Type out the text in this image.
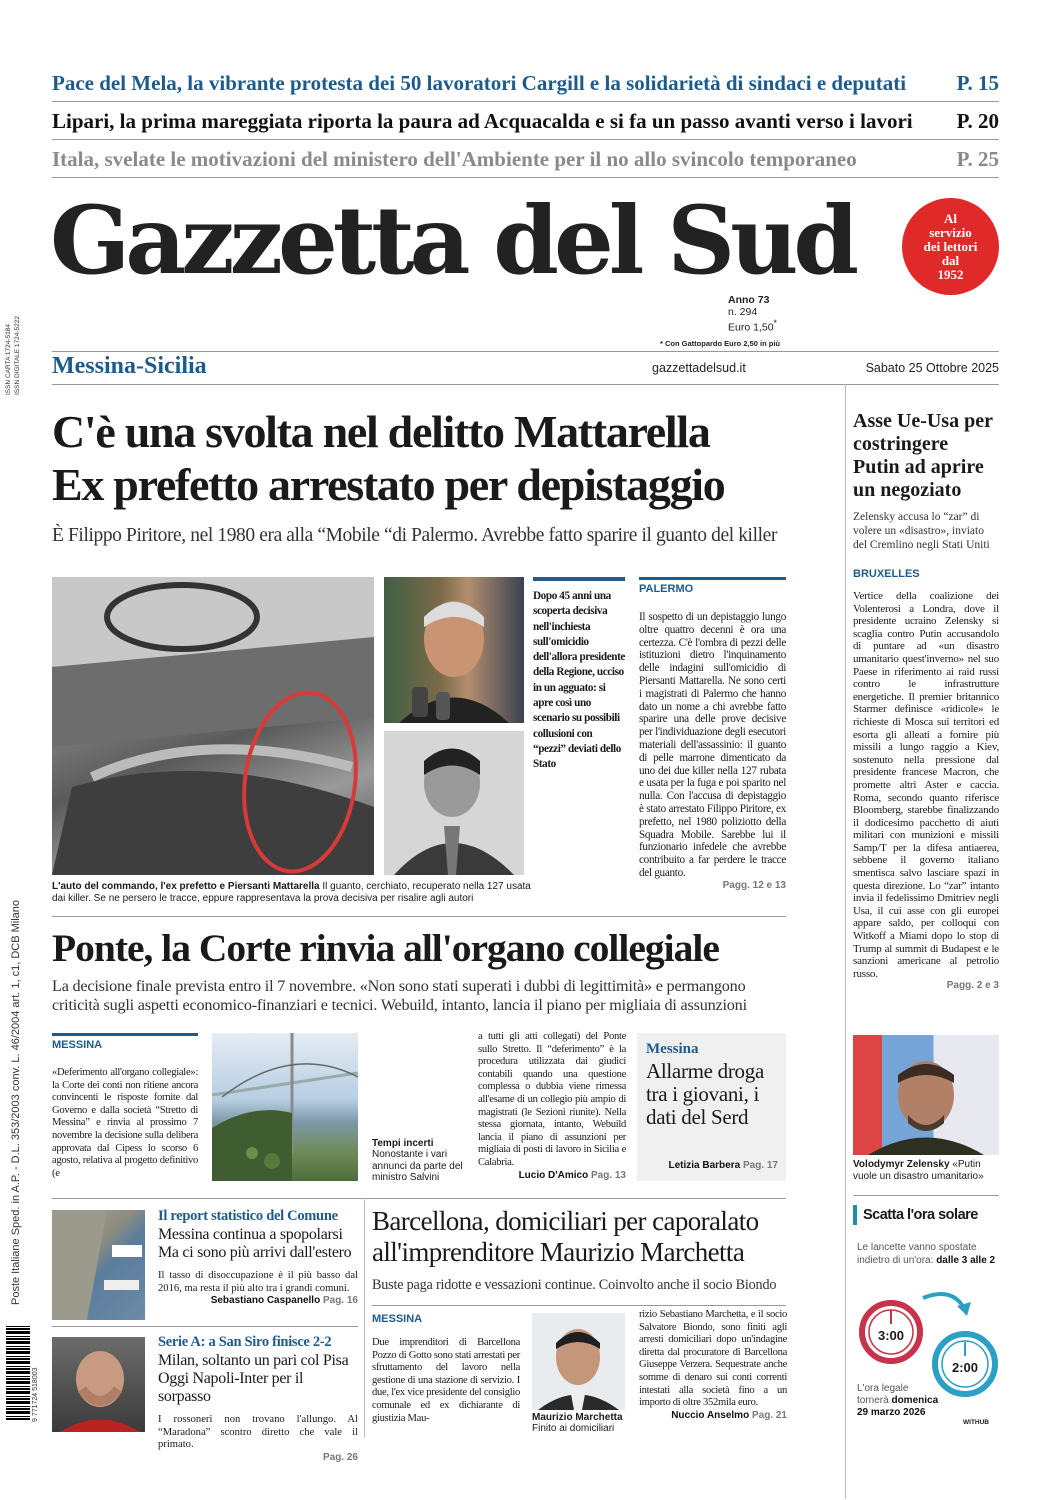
ISSN CARTA 1724-5184
ISSN DIGITALE 1724-5222
Poste Italiane Sped. in A.P. - D.L. 353/2003 conv. L. 46/2004 art. 1, c1, DCB Milano
9 771724 518003
Pace del Mela, la vibrante protesta dei 50 lavoratori Cargill e la solidarietà di sindaci e deputati P. 15
Lipari, la prima mareggiata riporta la paura ad Acquacalda e si fa un passo avanti verso i lavori P. 20
Itala, svelate le motivazioni del ministero dell'Ambiente per il no allo svincolo temporaneo	P. 25
Gazzetta del Sud	Al
servizio
dei lettori
dal
1952
Anno 73
n. 294
Euro 1,50*
* Con Gattopardo Euro 2,50 in più
Messina-Sicilia	gazzettadelsud.it	Sabato 25 Ottobre 2025
C'è una svolta nel delitto Mattarella
Ex prefetto arrestato per depistaggio
È Filippo Piritore, nel 1980 era alla “Mobile “di Palermo. Avrebbe fatto sparire il guanto del killer
Dopo 45 anni una scoperta decisiva nell'inchiesta sull'omicidio dell'allora presidente della Regione, ucciso in un agguato: si apre così uno scenario su possibili collusioni con “pezzi” deviati dello Stato
PALERMO
Il sospetto di un depistaggio lungo oltre quattro decenni è ora una certezza. C'è l'ombra di pezzi delle istituzioni dietro l'inquinamento delle indagini sull'omicidio di Piersanti Mattarella. Ne sono certi i magistrati di Palermo che hanno dato un nome a chi avrebbe fatto sparire una delle prove decisive per l'individuazione degli esecutori materiali dell'assassinio: il guanto di pelle marrone dimenticato da uno dei due killer nella 127 rubata e usata per la fuga e poi sparito nel nulla. Con l'accusa di depistaggio è stato arrestato Filippo Piritore, ex prefetto, nel 1980 poliziotto della Squadra Mobile. Sarebbe lui il funzionario infedele che avrebbe contribuito a far perdere le tracce del guanto.
Pagg. 12 e 13
L'auto del commando, l'ex prefetto e Piersanti Mattarella Il guanto, cerchiato, recuperato nella 127 usata dai killer. Se ne persero le tracce, eppure rappresentava la prova decisiva per risalire agli autori
Asse Ue-Usa per costringere Putin ad aprire un negoziato
Zelensky accusa lo “zar” di volere un «disastro», inviato del Cremlino negli Stati Uniti
BRUXELLES
Vertice della coalizione dei Volenterosi a Londra, dove il presidente ucraino Zelensky si scaglia contro Putin accusandolo di puntare ad «un disastro umanitario quest'inverno» nel suo Paese in riferimento ai raid russi contro le infrastrutture energetiche. Il premier britannico Starmer definisce «ridicole» le richieste di Mosca sui territori ed esorta gli alleati a fornire più missili a lungo raggio a Kiev, sostenuto nella pressione dal presidente francese Macron, che promette altri Aster e caccia. Roma, secondo quanto riferisce Bloomberg, starebbe finalizzando il dodicesimo pacchetto di aiuti militari con munizioni e missili Samp/T per la difesa antiaerea, sebbene il governo italiano smentisca salvo lasciare spazi in questa direzione. Lo “zar” intanto invia il fedelissimo Dmitriev negli Usa, il cui asse con gli europei appare saldo, per colloqui con Witkoff a Miami dopo lo stop di Trump al summit di Budapest e le sanzioni americane al petrolio russo.
Pagg. 2 e 3
Volodymyr Zelensky «Putin vuole un disastro umanitario»
Scatta l'ora solare
Le lancette vanno spostate indietro di un'ora: dalle 3 alle 2
3:00
2:00
L'ora legale tornerà domenica 29 marzo 2026
WITHUB
Ponte, la Corte rinvia all'organo collegiale
La decisione finale prevista entro il 7 novembre. «Non sono stati superati i dubbi di legittimità» e permangono criticità sugli aspetti economico-finanziari e tecnici. Webuild, intanto, lancia il piano per migliaia di assunzioni
MESSINA
«Deferimento all'organo collegiale»: la Corte dei conti non ritiene ancora convincenti le risposte fornite dal Governo e dalla società “Stretto di Messina” e rinvia al prossimo 7 novembre la decisione sulla delibera approvata dal Cipess lo scorso 6 agosto, relativa al progetto definitivo (e
Tempi incerti
Nonostante i vari annunci da parte del ministro Salvini
a tutti gli atti collegati) del Ponte sullo Stretto. Il “deferimento” è la procedura utilizzata dai giudici contabili quando una questione complessa o dubbia viene rimessa all'esame di un collegio più ampio di magistrati (le Sezioni riunite). Nella stessa giornata, intanto, Webuild lancia il piano di assunzioni per migliaia di posti di lavoro in Sicilia e Calabria.
Lucio D'Amico Pag. 13
Messina
Allarme droga tra i giovani, i dati del Serd
Letizia Barbera Pag. 17
Il report statistico del Comune
Messina continua a spopolarsi Ma ci sono più arrivi dall'estero
Il tasso di disoccupazione è il più basso dal 2016, ma resta il più alto tra i grandi comuni.
Sebastiano Caspanello Pag. 16
Serie A: a San Siro finisce 2-2
Milan, soltanto un pari col Pisa Oggi Napoli-Inter per il sorpasso
I rossoneri non trovano l'allungo. Al “Maradona” scontro diretto che vale il primato.
Pag. 26
Barcellona, domiciliari per caporalato all'imprenditore Maurizio Marchetta
Buste paga ridotte e vessazioni continue. Coinvolto anche il socio Biondo
MESSINA
Due imprenditori di Barcellona Pozzo di Gotto sono stati arrestati per sfruttamento del lavoro nella gestione di una stazione di servizio. I due, l'ex vice presidente del consiglio comunale ed ex dichiarante di giustizia Mau-	Maurizio Marchetta
Finito ai domiciliari
rizio Sebastiano Marchetta, e il socio Salvatore Biondo, sono finiti agli arresti domiciliari dopo un'indagine diretta dal procuratore di Barcellona Giuseppe Verzera. Sequestrate anche somme di denaro sui conti correnti intestati alla società fino a un importo di oltre 352mila euro.
Nuccio Anselmo Pag. 21
